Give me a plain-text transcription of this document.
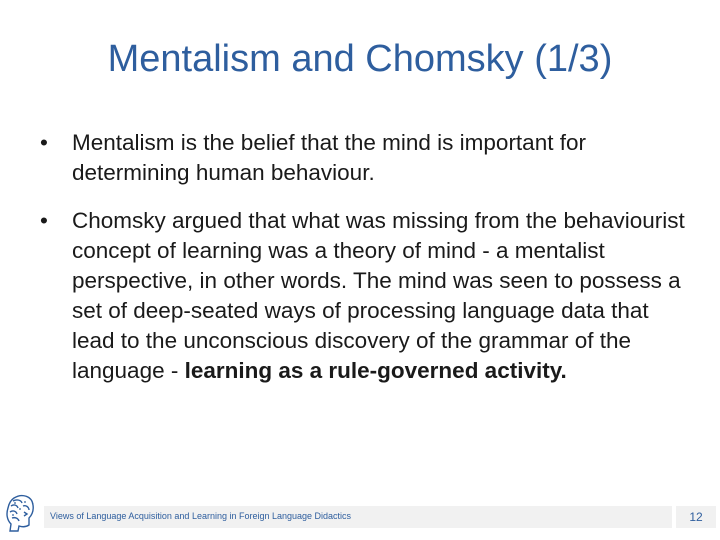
Mentalism and Chomsky (1/3)
• Mentalism is the belief that the mind is important for determining human behaviour.
• Chomsky argued that what was missing from the behaviourist concept of learning was a theory of mind - a mentalist perspective, in other words. The mind was seen to possess a set of deep-seated ways of processing language data that lead to the unconscious discovery of the grammar of the language - learning as a rule-governed activity.
Views of Language Acquisition and Learning in Foreign Language Didactics	12
